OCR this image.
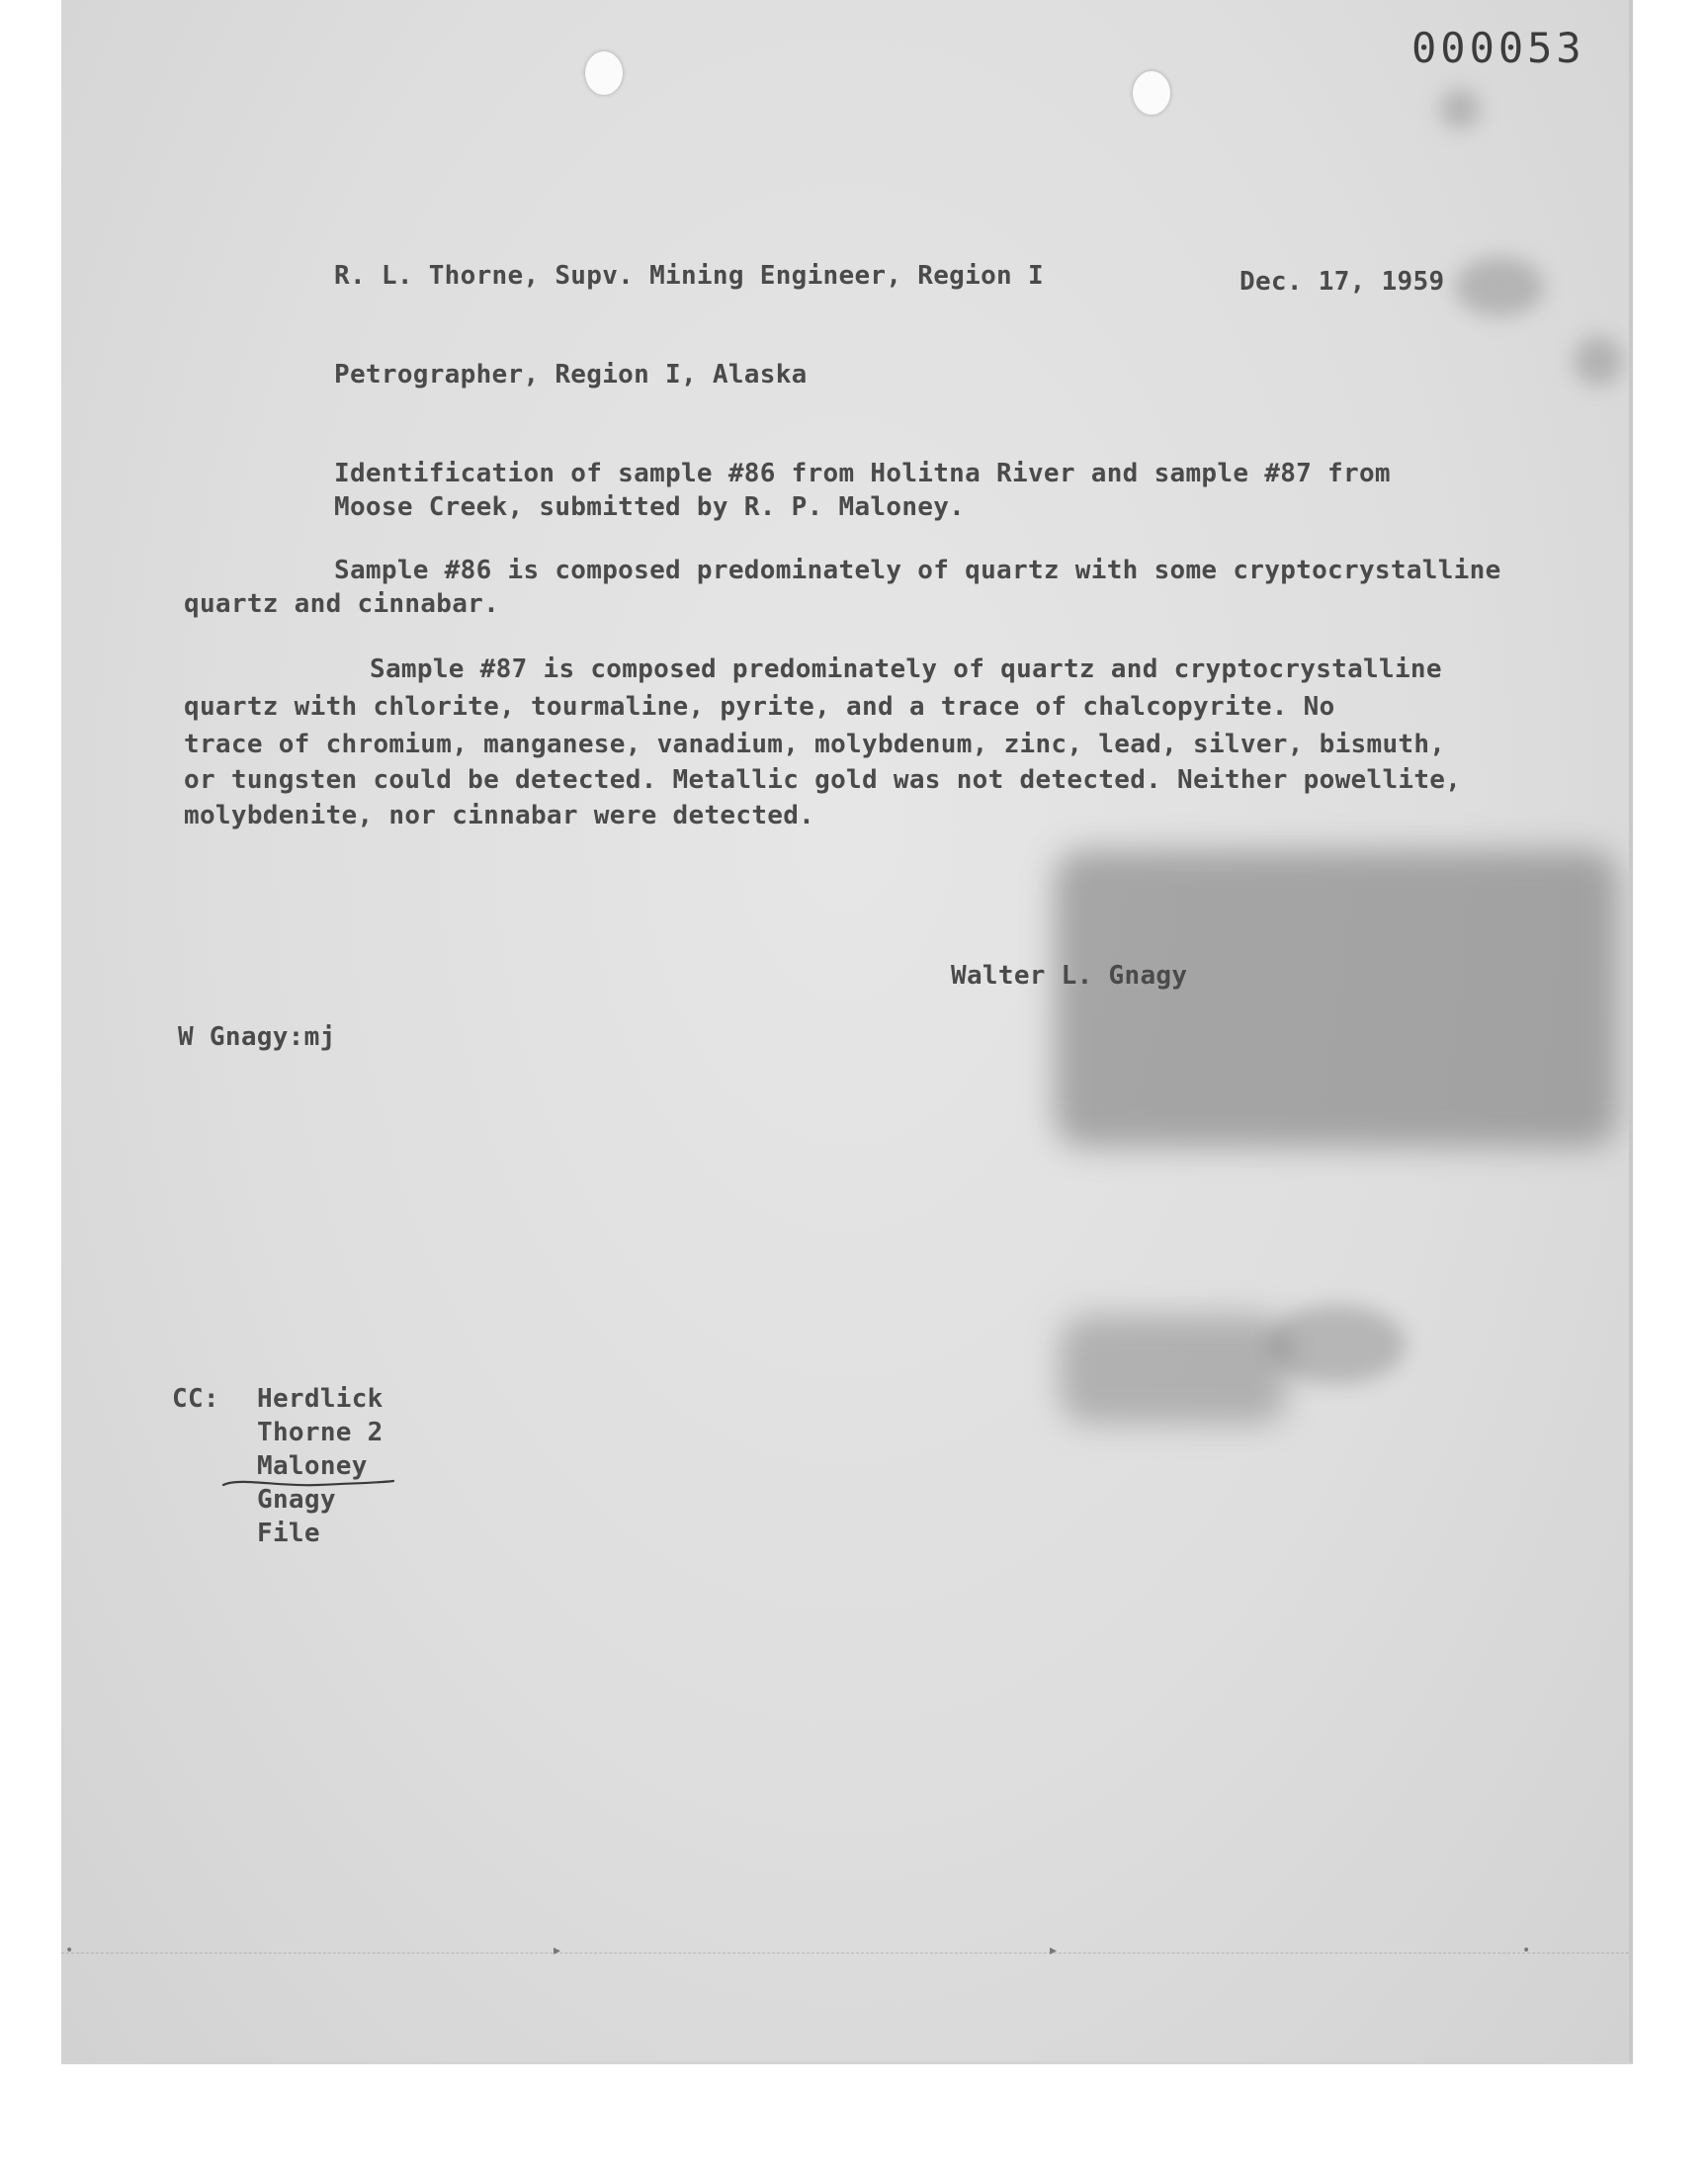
•	▸	▸	•
000053
R. L. Thorne, Supv. Mining Engineer, Region I	Dec. 17, 1959
Petrographer, Region I, Alaska
Identification of sample #86 from Holitna River and sample #87 from
Moose Creek, submitted by R. P. Maloney.
Sample #86 is composed predominately of quartz with some cryptocrystalline
quartz and cinnabar.
Sample #87 is composed predominately of quartz and cryptocrystalline
quartz with chlorite, tourmaline, pyrite, and a trace of chalcopyrite. No
trace of chromium, manganese, vanadium, molybdenum, zinc, lead, silver, bismuth,
or tungsten could be detected. Metallic gold was not detected. Neither powellite,
molybdenite, nor cinnabar were detected.
Walter L. Gnagy
W Gnagy:mj
CC: Herdlick
Thorne 2
Maloney
Gnagy
File
